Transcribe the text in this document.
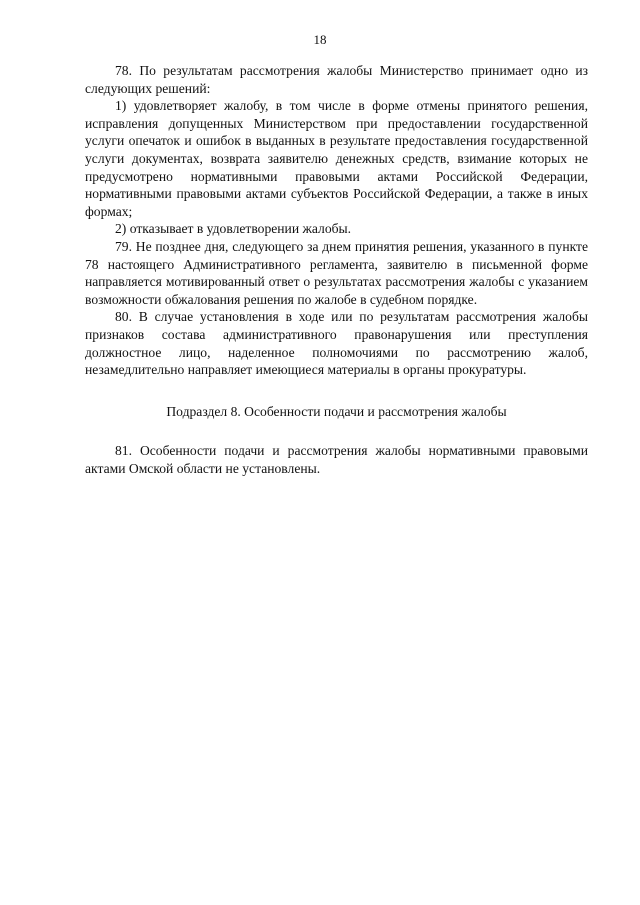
18

78. По результатам рассмотрения жалобы Министерство принимает одно из следующих решений:

1) удовлетворяет жалобу, в том числе в форме отмены принятого решения, исправления допущенных Министерством при предоставлении государственной услуги опечаток и ошибок в выданных в результате предоставления государственной услуги документах, возврата заявителю денежных средств, взимание которых не предусмотрено нормативными правовыми актами Российской Федерации, нормативными правовыми актами субъектов Российской Федерации, а также в иных формах;

2) отказывает в удовлетворении жалобы.

79. Не позднее дня, следующего за днем принятия решения, указанного в пункте 78 настоящего Административного регламента, заявителю в письменной форме направляется мотивированный ответ о результатах рассмотрения жалобы с указанием возможности обжалования решения по жалобе в судебном порядке.

80. В случае установления в ходе или по результатам рассмотрения жалобы признаков состава административного правонарушения или преступления должностное лицо, наделенное полномочиями по рассмотрению жалоб, незамедлительно направляет имеющиеся материалы в органы прокуратуры.

Подраздел 8. Особенности подачи и рассмотрения жалобы

81. Особенности подачи и рассмотрения жалобы нормативными правовыми актами Омской области не установлены.
